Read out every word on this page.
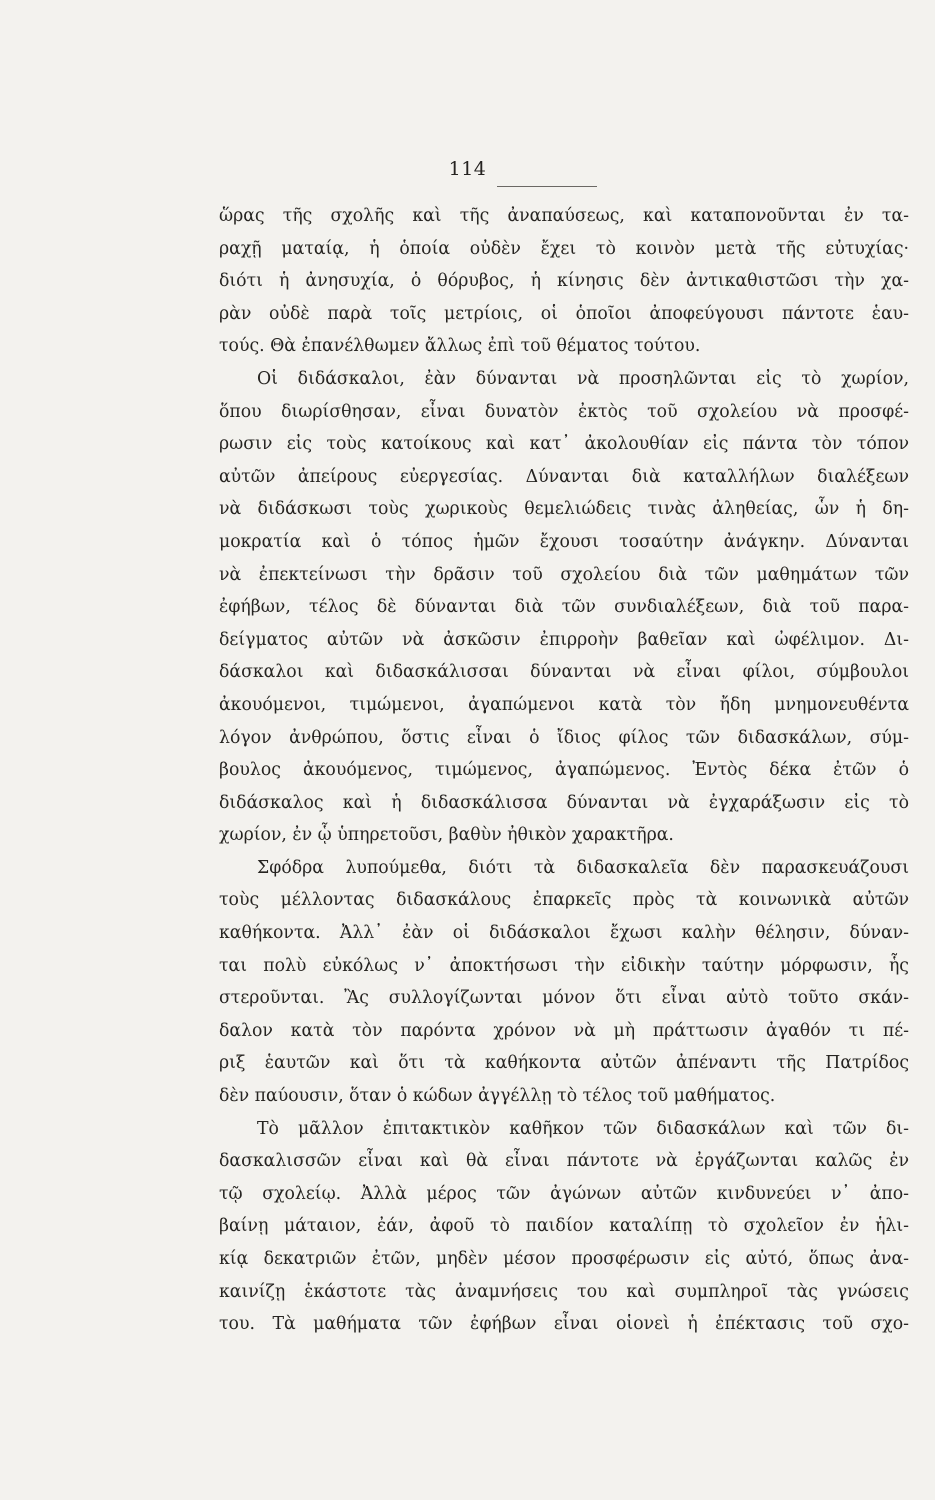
114
ὥρας τῆς σχολῆς καὶ τῆς ἀναπαύσεως, καὶ καταπονοῦνται ἐν τα-
ραχῇ ματαίᾳ, ἡ ὁποία οὐδὲν ἔχει τὸ κοινὸν μετὰ τῆς εὐτυχίας·
διότι ἡ ἀνησυχία, ὁ θόρυβος, ἡ κίνησις δὲν ἀντικαθιστῶσι τὴν χα-
ρὰν οὐδὲ παρὰ τοῖς μετρίοις, οἱ ὁποῖοι ἀποφεύγουσι πάντοτε ἑαυ-
τούς. Θὰ ἐπανέλθωμεν ἄλλως ἐπὶ τοῦ θέματος τούτου.
Οἱ διδάσκαλοι, ἐὰν δύνανται νὰ προσηλῶνται εἰς τὸ χωρίον,
ὅπου διωρίσθησαν, εἶναι δυνατὸν ἐκτὸς τοῦ σχολείου νὰ προσφέ-
ρωσιν εἰς τοὺς κατοίκους καὶ κατ᾿ ἀκολουθίαν εἰς πάντα τὸν τόπον
αὐτῶν ἀπείρους εὐεργεσίας. Δύνανται διὰ καταλλήλων διαλέξεων
νὰ διδάσκωσι τοὺς χωρικοὺς θεμελιώδεις τινὰς ἀληθείας, ὧν ἡ δη-
μοκρατία καὶ ὁ τόπος ἡμῶν ἔχουσι τοσαύτην ἀνάγκην. Δύνανται
νὰ ἐπεκτείνωσι τὴν δρᾶσιν τοῦ σχολείου διὰ τῶν μαθημάτων τῶν
ἐφήβων, τέλος δὲ δύνανται διὰ τῶν συνδιαλέξεων, διὰ τοῦ παρα-
δείγματος αὐτῶν νὰ ἀσκῶσιν ἐπιρροὴν βαθεῖαν καὶ ὠφέλιμον. Δι-
δάσκαλοι καὶ διδασκάλισσαι δύνανται νὰ εἶναι φίλοι, σύμβουλοι
ἀκουόμενοι, τιμώμενοι, ἀγαπώμενοι κατὰ τὸν ἤδη μνημονευθέντα
λόγον ἀνθρώπου, ὅστις εἶναι ὁ ἴδιος φίλος τῶν διδασκάλων, σύμ-
βουλος ἀκουόμενος, τιμώμενος, ἀγαπώμενος. Ἐντὸς δέκα ἐτῶν ὁ
διδάσκαλος καὶ ἡ διδασκάλισσα δύνανται νὰ ἐγχαράξωσιν εἰς τὸ
χωρίον, ἐν ᾧ ὑπηρετοῦσι, βαθὺν ἠθικὸν χαρακτῆρα.
Σφόδρα λυπούμεθα, διότι τὰ διδασκαλεῖα δὲν παρασκευάζουσι
τοὺς μέλλοντας διδασκάλους ἐπαρκεῖς πρὸς τὰ κοινωνικὰ αὐτῶν
καθήκοντα. Ἀλλ᾿ ἐὰν οἱ διδάσκαλοι ἔχωσι καλὴν θέλησιν, δύναν-
ται πολὺ εὐκόλως ν᾿ ἀποκτήσωσι τὴν εἰδικὴν ταύτην μόρφωσιν, ἧς
στεροῦνται. Ἂς συλλογίζωνται μόνον ὅτι εἶναι αὐτὸ τοῦτο σκάν-
δαλον κατὰ τὸν παρόντα χρόνον νὰ μὴ πράττωσιν ἀγαθόν τι πέ-
ριξ ἑαυτῶν καὶ ὅτι τὰ καθήκοντα αὐτῶν ἀπέναντι τῆς Πατρίδος
δὲν παύουσιν, ὅταν ὁ κώδων ἀγγέλλῃ τὸ τέλος τοῦ μαθήματος.
Τὸ μᾶλλον ἐπιτακτικὸν καθῆκον τῶν διδασκάλων καὶ τῶν δι-
δασκαλισσῶν εἶναι καὶ θὰ εἶναι πάντοτε νὰ ἐργάζωνται καλῶς ἐν
τῷ σχολείῳ. Ἀλλὰ μέρος τῶν ἀγώνων αὐτῶν κινδυνεύει ν᾿ ἀπο-
βαίνῃ μάταιον, ἐάν, ἀφοῦ τὸ παιδίον καταλίπῃ τὸ σχολεῖον ἐν ἡλι-
κίᾳ δεκατριῶν ἐτῶν, μηδὲν μέσον προσφέρωσιν εἰς αὐτό, ὅπως ἀνα-
καινίζῃ ἑκάστοτε τὰς ἀναμνήσεις του καὶ συμπληροῖ τὰς γνώσεις
του. Τὰ μαθήματα τῶν ἐφήβων εἶναι οἱονεὶ ἡ ἐπέκτασις τοῦ σχο-
